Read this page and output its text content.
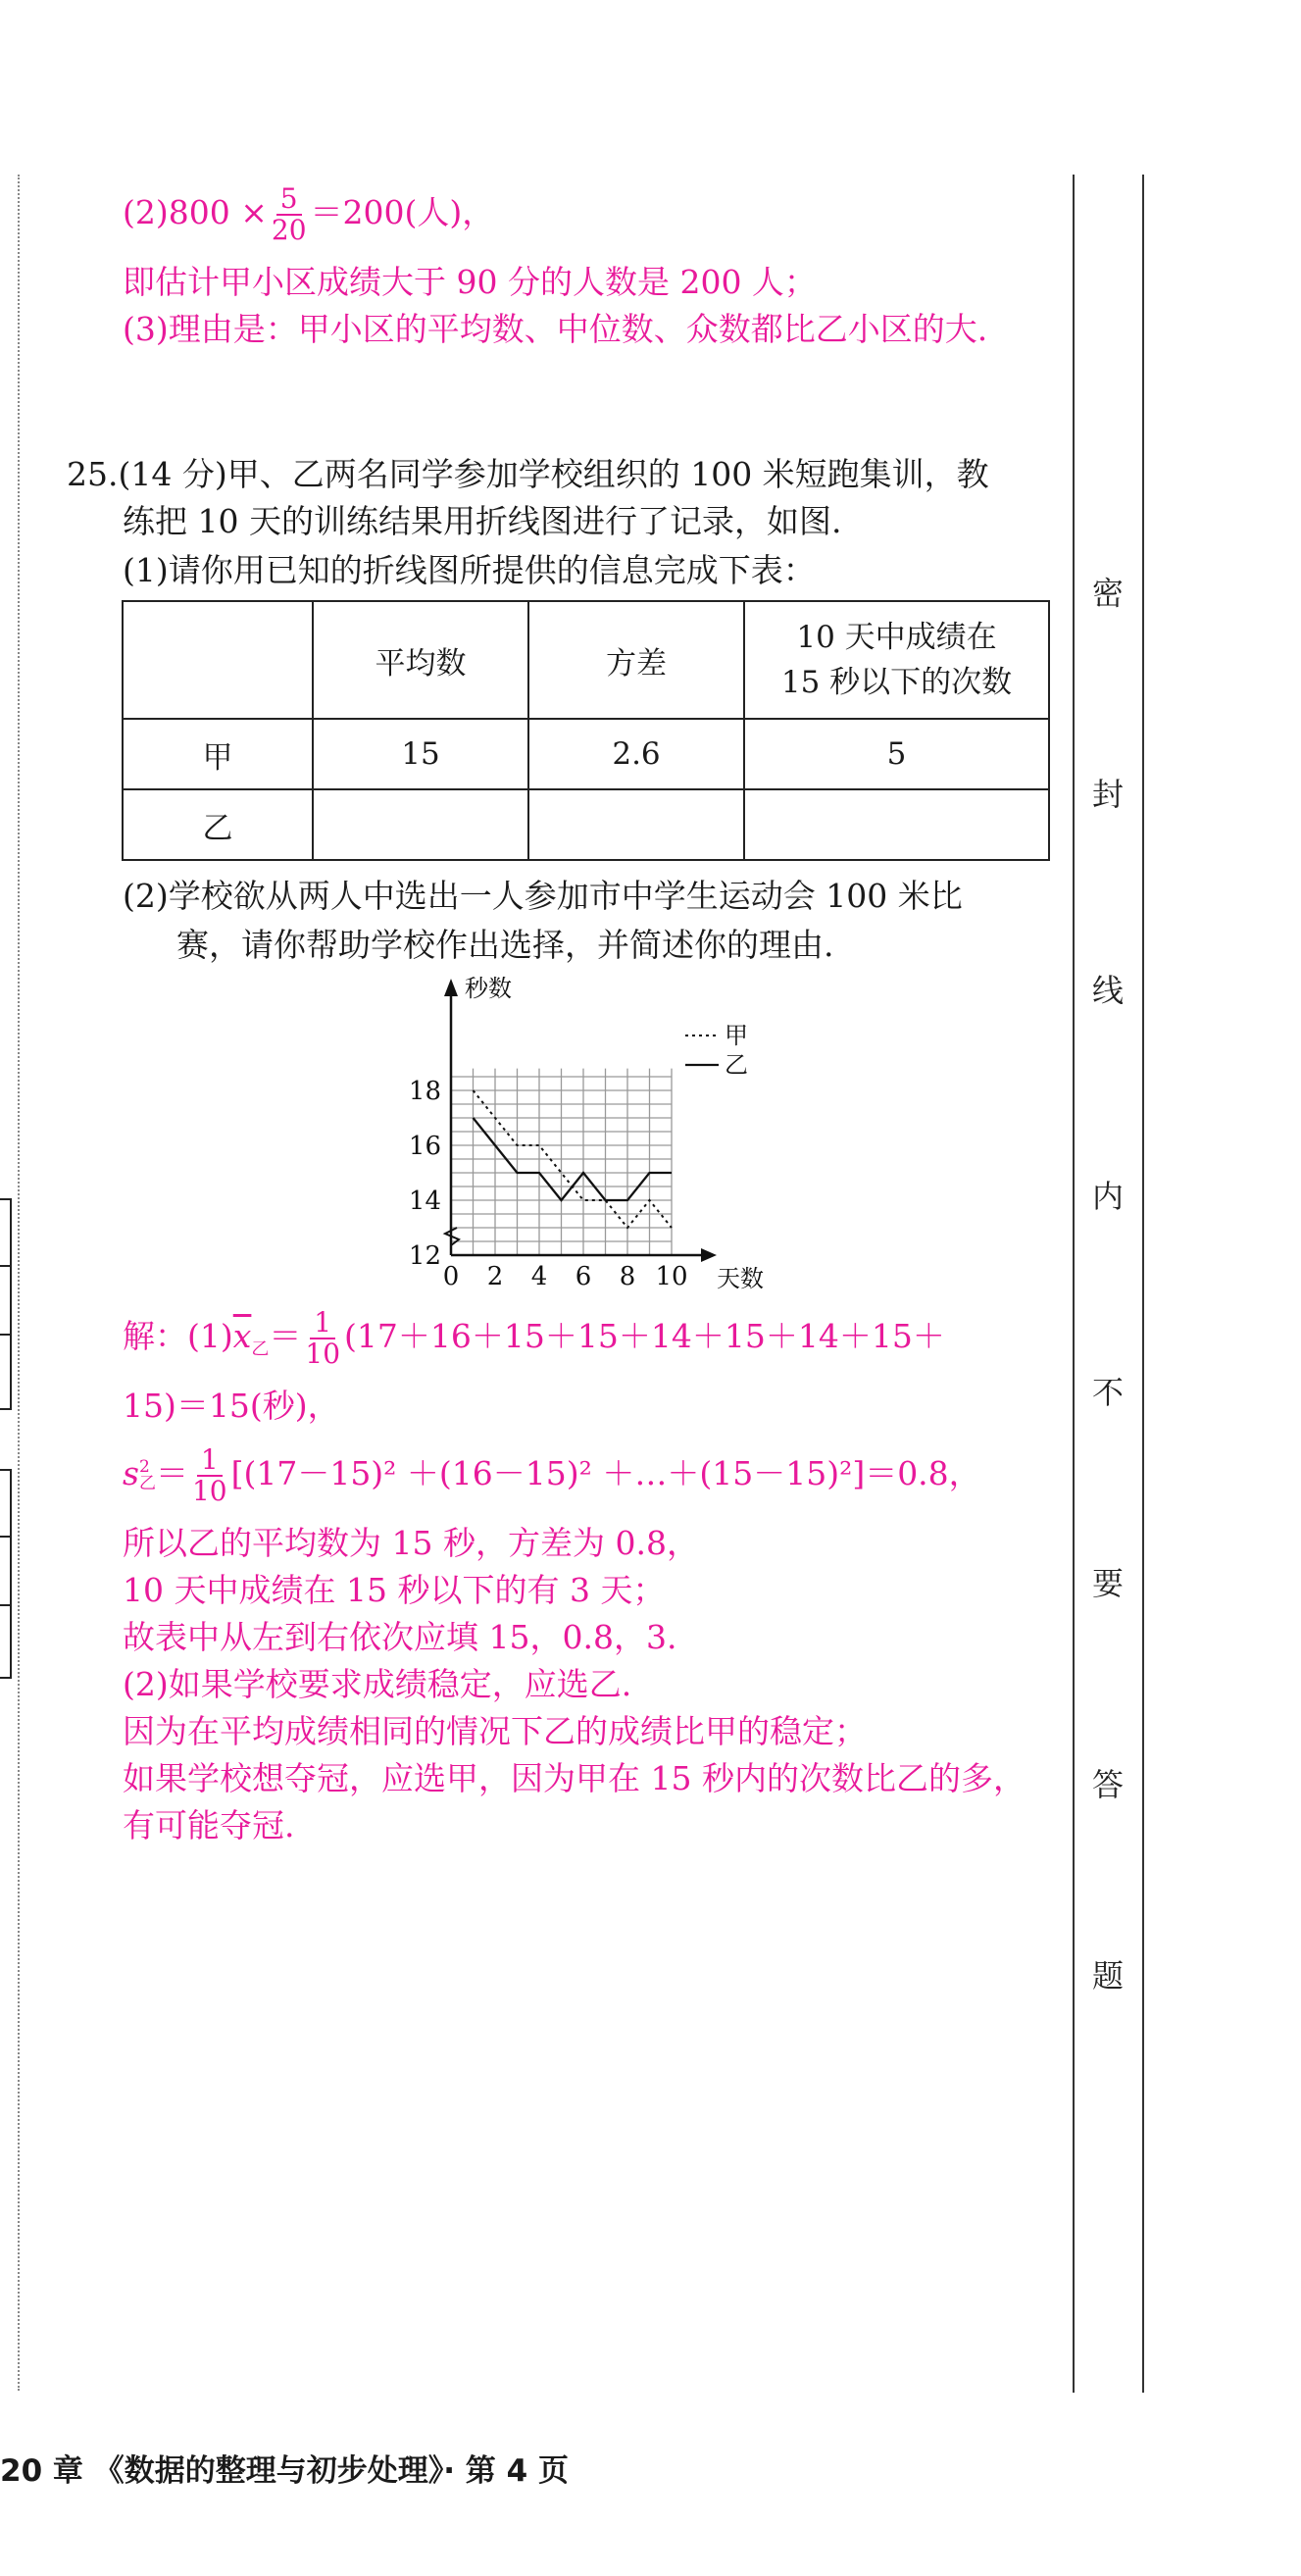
密
封
线
内
不
要
答
题
$(2)800 \times \frac{5}{20} =200$(人)，
即估计甲小区成绩大于 90 分的人数是 200 人；
(3)理由是：甲小区的平均数、中位数、众数都比乙小区的大.
25.(14 分)甲、乙两名同学参加学校组织的 100 米短跑集训，教
练把 10 天的训练结果用折线图进行了记录，如图.
(1)请你用已知的折线图所提供的信息完成下表：
	平均数	方差	10 天中成绩在
15 秒以下的次数

甲	15	2.6	5
乙			
(2)学校欲从两人中选出一人参加市中学生运动会 100 米比
赛，请你帮助学校作出选择，并简述你的理由.
0 2 4 6 8 10
12
14
16
18
秒数
天数
甲
乙
解：$(1)\overline{x}_乙= \frac{1}{10} (17+16+15+15+14+15+14+15+$
15)＝15(秒)，
s 2
乙 ＝ $\frac{1}{10} [(17-15)^2 +(16-15)^2$ ＋…＋(15－15)²]＝0.8，
所以乙的平均数为 15 秒，方差为 0.8，
10 天中成绩在 15 秒以下的有 3 天；
故表中从左到右依次应填 15，0.8，3.
(2)如果学校要求成绩稳定，应选乙.
因为在平均成绩相同的情况下乙的成绩比甲的稳定；
如果学校想夺冠，应选甲，因为甲在 15 秒内的次数比乙的多，
有可能夺冠.
20 章 《数据的整理与初步处理》· 第 4 页
